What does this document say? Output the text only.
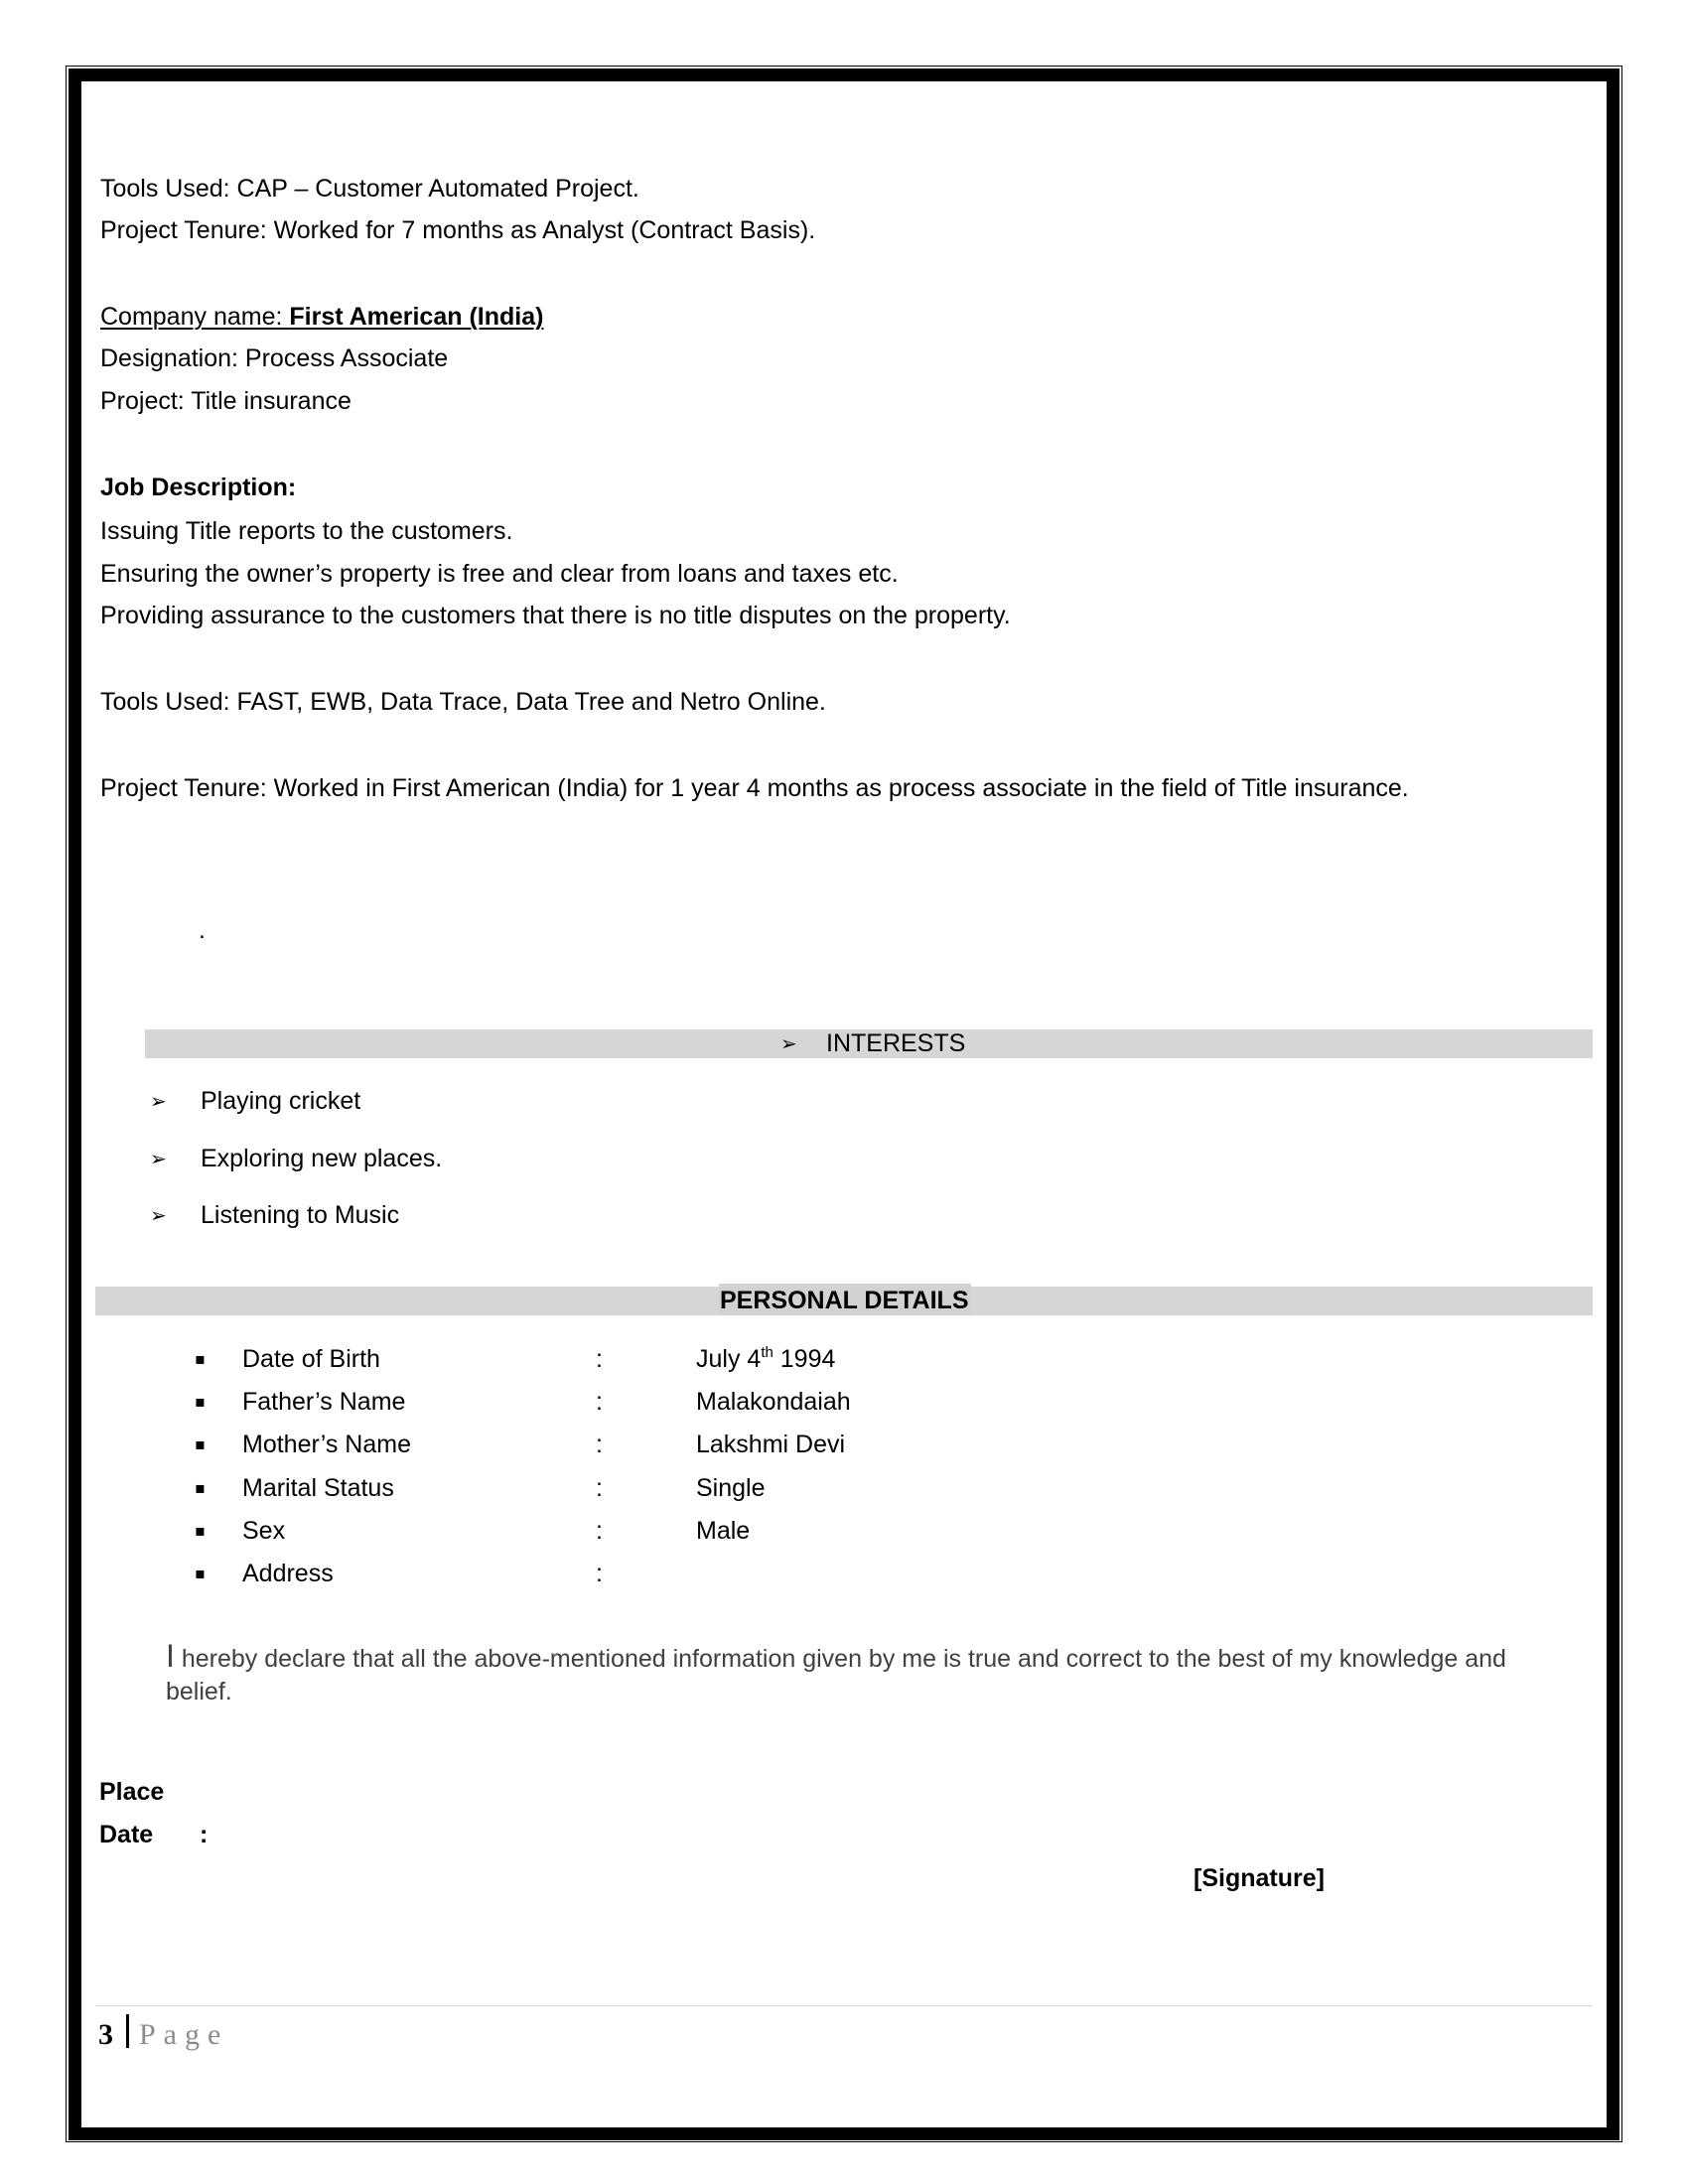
Tools Used: CAP – Customer Automated Project.
Project Tenure: Worked for 7 months as Analyst (Contract Basis).
Company name: First American (India)
Designation: Process Associate
Project: Title insurance
Job Description:
Issuing Title reports to the customers.
Ensuring the owner’s property is free and clear from loans and taxes etc.
Providing assurance to the customers that there is no title disputes on the property.
Tools Used: FAST, EWB, Data Trace, Data Tree and Netro Online.
Project Tenure: Worked in First American (India) for 1 year 4 months as process associate in the field of Title insurance.
.
➢ INTERESTS
➢ Playing cricket
➢ Exploring new places.
➢ Listening to Music
PERSONAL DETAILS
▪ Date of Birth	:	July 4th 1994
▪ Father’s Name	:	Malakondaiah
▪ Mother’s Name	:	Lakshmi Devi
▪ Marital Status	:	Single
▪ Sex	:	Male
▪ Address	:
I hereby declare that all the above-mentioned information given by me is true and correct to the best of my knowledge and belief.
Place
Date :
[Signature]
3 Page
